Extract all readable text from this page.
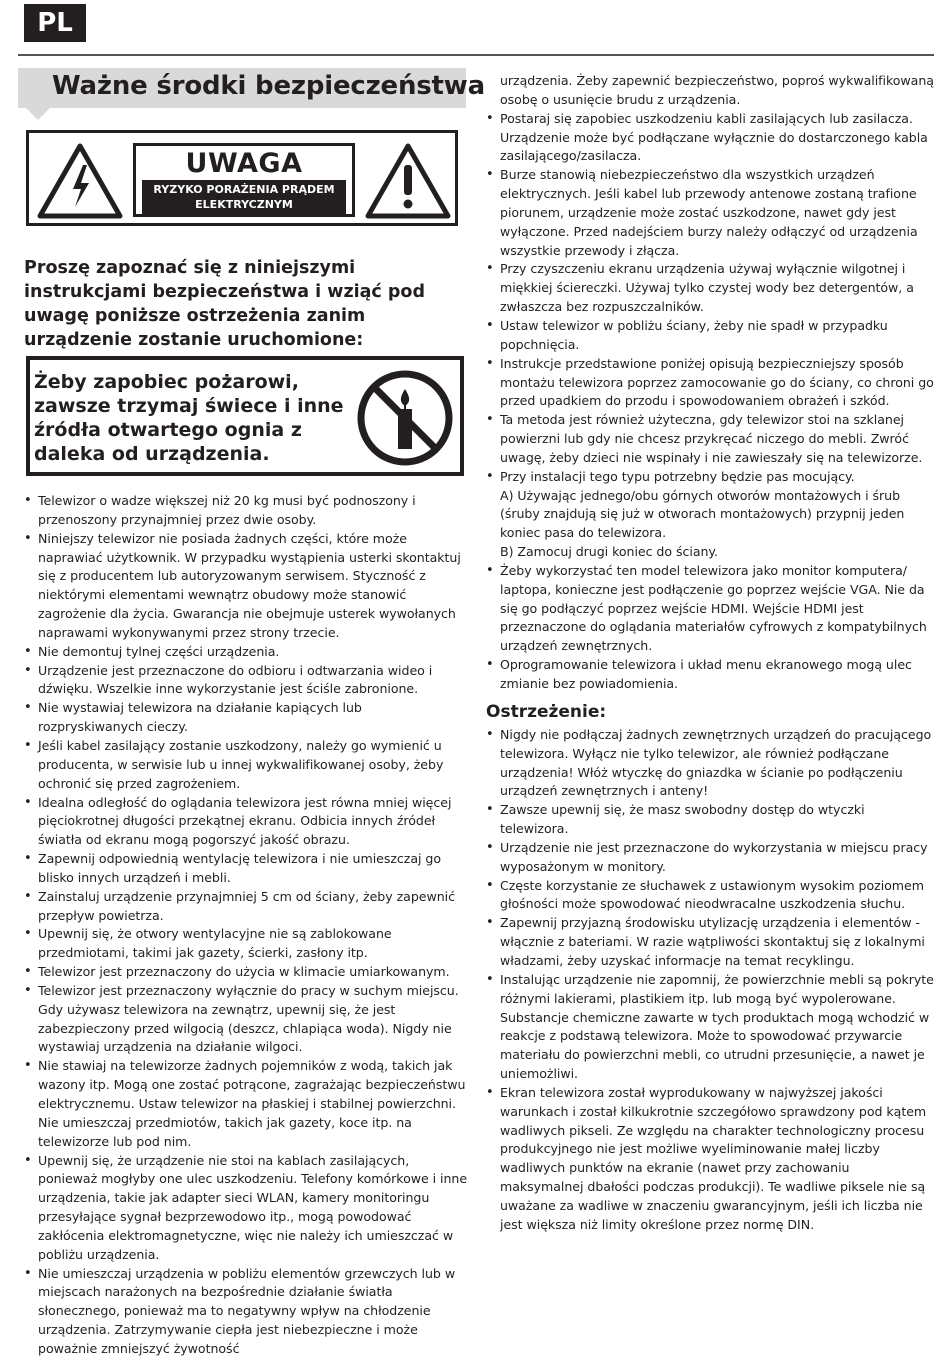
PL
Ważne środki bezpieczeństwa
UWAGA
RYZYKO PORAŻENIA PRĄDEM
ELEKTRYCZNYM
Proszę zapoznać się z niniejszymi instrukcjami bezpieczeństwa i wziąć pod uwagę poniższe ostrzeżenia zanim urządzenie zostanie uruchomione:
Żeby zapobiec pożarowi, zawsze trzymaj świece i inne źródła otwartego ognia z daleka od urządzenia.
• Telewizor o wadze większej niż 20 kg musi być podnoszony i przenoszony przynajmniej przez dwie osoby.
• Niniejszy telewizor nie posiada żadnych części, które może naprawiać użytkownik. W przypadku wystąpienia usterki skontaktuj się z producentem lub autoryzowanym serwisem. Styczność z niektórymi elementami wewnątrz obudowy może stanowić zagrożenie dla życia. Gwarancja nie obejmuje usterek wywołanych naprawami wykonywanymi przez strony trzecie.
• Nie demontuj tylnej części urządzenia.
• Urządzenie jest przeznaczone do odbioru i odtwarzania wideo i dźwięku. Wszelkie inne wykorzystanie jest ściśle zabronione.
• Nie wystawiaj telewizora na działanie kapiących lub rozpryskiwanych cieczy.
• Jeśli kabel zasilający zostanie uszkodzony, należy go wymienić u producenta, w serwisie lub u innej wykwalifikowanej osoby, żeby ochronić się przed zagrożeniem.
• Idealna odległość do oglądania telewizora jest równa mniej więcej pięciokrotnej długości przekątnej ekranu. Odbicia innych źródeł światła od ekranu mogą pogorszyć jakość obrazu.
• Zapewnij odpowiednią wentylację telewizora i nie umieszczaj go blisko innych urządzeń i mebli.
• Zainstaluj urządzenie przynajmniej 5 cm od ściany, żeby zapewnić przepływ powietrza.
• Upewnij się, że otwory wentylacyjne nie są zablokowane przedmiotami, takimi jak gazety, ścierki, zasłony itp.
• Telewizor jest przeznaczony do użycia w klimacie umiarkowanym.
• Telewizor jest przeznaczony wyłącznie do pracy w suchym miejscu. Gdy używasz telewizora na zewnątrz, upewnij się, że jest zabezpieczony przed wilgocią (deszcz, chlapiąca woda). Nigdy nie wystawiaj urządzenia na działanie wilgoci.
• Nie stawiaj na telewizorze żadnych pojemników z wodą, takich jak wazony itp. Mogą one zostać potrącone, zagrażając bezpieczeństwu elektrycznemu. Ustaw telewizor na płaskiej i stabilnej powierzchni. Nie umieszczaj przedmiotów, takich jak gazety, koce itp. na telewizorze lub pod nim.
• Upewnij się, że urządzenie nie stoi na kablach zasilających, ponieważ mogłyby one ulec uszkodzeniu. Telefony komórkowe i inne urządzenia, takie jak adapter sieci WLAN, kamery monitoringu przesyłające sygnał bezprzewodowo itp., mogą powodować zakłócenia elektromagnetyczne, więc nie należy ich umieszczać w pobliżu urządzenia.
• Nie umieszczaj urządzenia w pobliżu elementów grzewczych lub w miejscach narażonych na bezpośrednie działanie światła słonecznego, ponieważ ma to negatywny wpływ na chłodzenie urządzenia. Zatrzymywanie ciepła jest niebezpieczne i może poważnie zmniejszyć żywotność
urządzenia. Żeby zapewnić bezpieczeństwo, poproś wykwalifikowaną osobę o usunięcie brudu z urządzenia.
• Postaraj się zapobiec uszkodzeniu kabli zasilających lub zasilacza. Urządzenie może być podłączane wyłącznie do dostarczonego kabla zasilającego/zasilacza.
• Burze stanowią niebezpieczeństwo dla wszystkich urządzeń elektrycznych. Jeśli kabel lub przewody antenowe zostaną trafione piorunem, urządzenie może zostać uszkodzone, nawet gdy jest wyłączone. Przed nadejściem burzy należy odłączyć od urządzenia wszystkie przewody i złącza.
• Przy czyszczeniu ekranu urządzenia używaj wyłącznie wilgotnej i miękkiej ściereczki. Używaj tylko czystej wody bez detergentów, a zwłaszcza bez rozpuszczalników.
• Ustaw telewizor w pobliżu ściany, żeby nie spadł w przypadku popchnięcia.
• Instrukcje przedstawione poniżej opisują bezpieczniejszy sposób montażu telewizora poprzez zamocowanie go do ściany, co chroni go przed upadkiem do przodu i spowodowaniem obrażeń i szkód.
• Ta metoda jest również użyteczna, gdy telewizor stoi na szklanej powierzni lub gdy nie chcesz przykręcać niczego do mebli. Zwróć uwagę, żeby dzieci nie wspinały i nie zawieszały się na telewizorze.
• Przy instalacji tego typu potrzebny będzie pas mocujący.
A) Używając jednego/obu górnych otworów montażowych i śrub (śruby znajdują się już w otworach montażowych) przypnij jeden koniec pasa do telewizora.
B) Zamocuj drugi koniec do ściany.
• Żeby wykorzystać ten model telewizora jako monitor komputera/ laptopa, konieczne jest podłączenie go poprzez wejście VGA. Nie da się go podłączyć poprzez wejście HDMI. Wejście HDMI jest przeznaczone do oglądania materiałów cyfrowych z kompatybilnych urządzeń zewnętrznych.
• Oprogramowanie telewizora i układ menu ekranowego mogą ulec zmianie bez powiadomienia.
Ostrzeżenie:
• Nigdy nie podłączaj żadnych zewnętrznych urządzeń do pracującego telewizora. Wyłącz nie tylko telewizor, ale również podłączane urządzenia! Włóż wtyczkę do gniazdka w ścianie po podłączeniu urządzeń zewnętrznych i anteny!
• Zawsze upewnij się, że masz swobodny dostęp do wtyczki telewizora.
• Urządzenie nie jest przeznaczone do wykorzystania w miejscu pracy wyposażonym w monitory.
• Częste korzystanie ze słuchawek z ustawionym wysokim poziomem głośności może spowodować nieodwracalne uszkodzenia słuchu.
• Zapewnij przyjazną środowisku utylizację urządzenia i elementów - włącznie z bateriami. W razie wątpliwości skontaktuj się z lokalnymi władzami, żeby uzyskać informacje na temat recyklingu.
• Instalując urządzenie nie zapomnij, że powierzchnie mebli są pokryte różnymi lakierami, plastikiem itp. lub mogą być wypolerowane. Substancje chemiczne zawarte w tych produktach mogą wchodzić w reakcje z podstawą telewizora. Może to spowodować przywarcie materiału do powierzchni mebli, co utrudni przesunięcie, a nawet je uniemożliwi.
• Ekran telewizora został wyprodukowany w najwyższej jakości warunkach i został kilkukrotnie szczegółowo sprawdzony pod kątem wadliwych pikseli. Ze względu na charakter technologiczny procesu produkcyjnego nie jest możliwe wyeliminowanie małej liczby wadliwych punktów na ekranie (nawet przy zachowaniu maksymalnej dbałości podczas produkcji). Te wadliwe piksele nie są uważane za wadliwe w znaczeniu gwarancyjnym, jeśli ich liczba nie jest większa niż limity określone przez normę DIN.
